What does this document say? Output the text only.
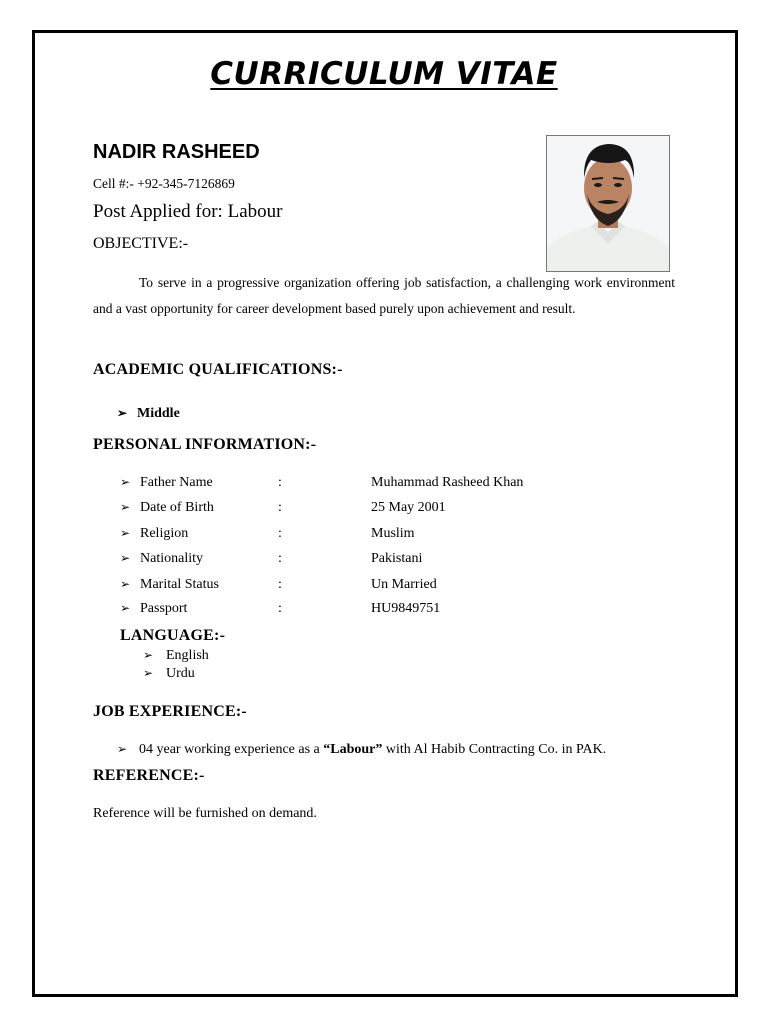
CURRICULUM VITAE
NADIR RASHEED
Cell #:- +92-345-7126869
Post Applied for: Labour
OBJECTIVE:-

To serve in a progressive organization offering job satisfaction, a challenging work environment and a vast opportunity for career development based purely upon achievement and result.

ACADEMIC QUALIFICATIONS:-
➢ Middle
PERSONAL INFORMATION:-
➢ Father Name	:	Muhammad Rasheed Khan
➢ Date of Birth	:	25 May 2001
➢ Religion	:	Muslim
➢ Nationality	:	Pakistani
➢ Marital Status	:	Un Married
➢ Passport	:	HU9849751
LANGUAGE:-
➢ English
➢ Urdu
JOB EXPERIENCE:-
➢ 04 year working experience as a “Labour” with Al Habib Contracting Co. in PAK.
REFERENCE:-
Reference will be furnished on demand.
